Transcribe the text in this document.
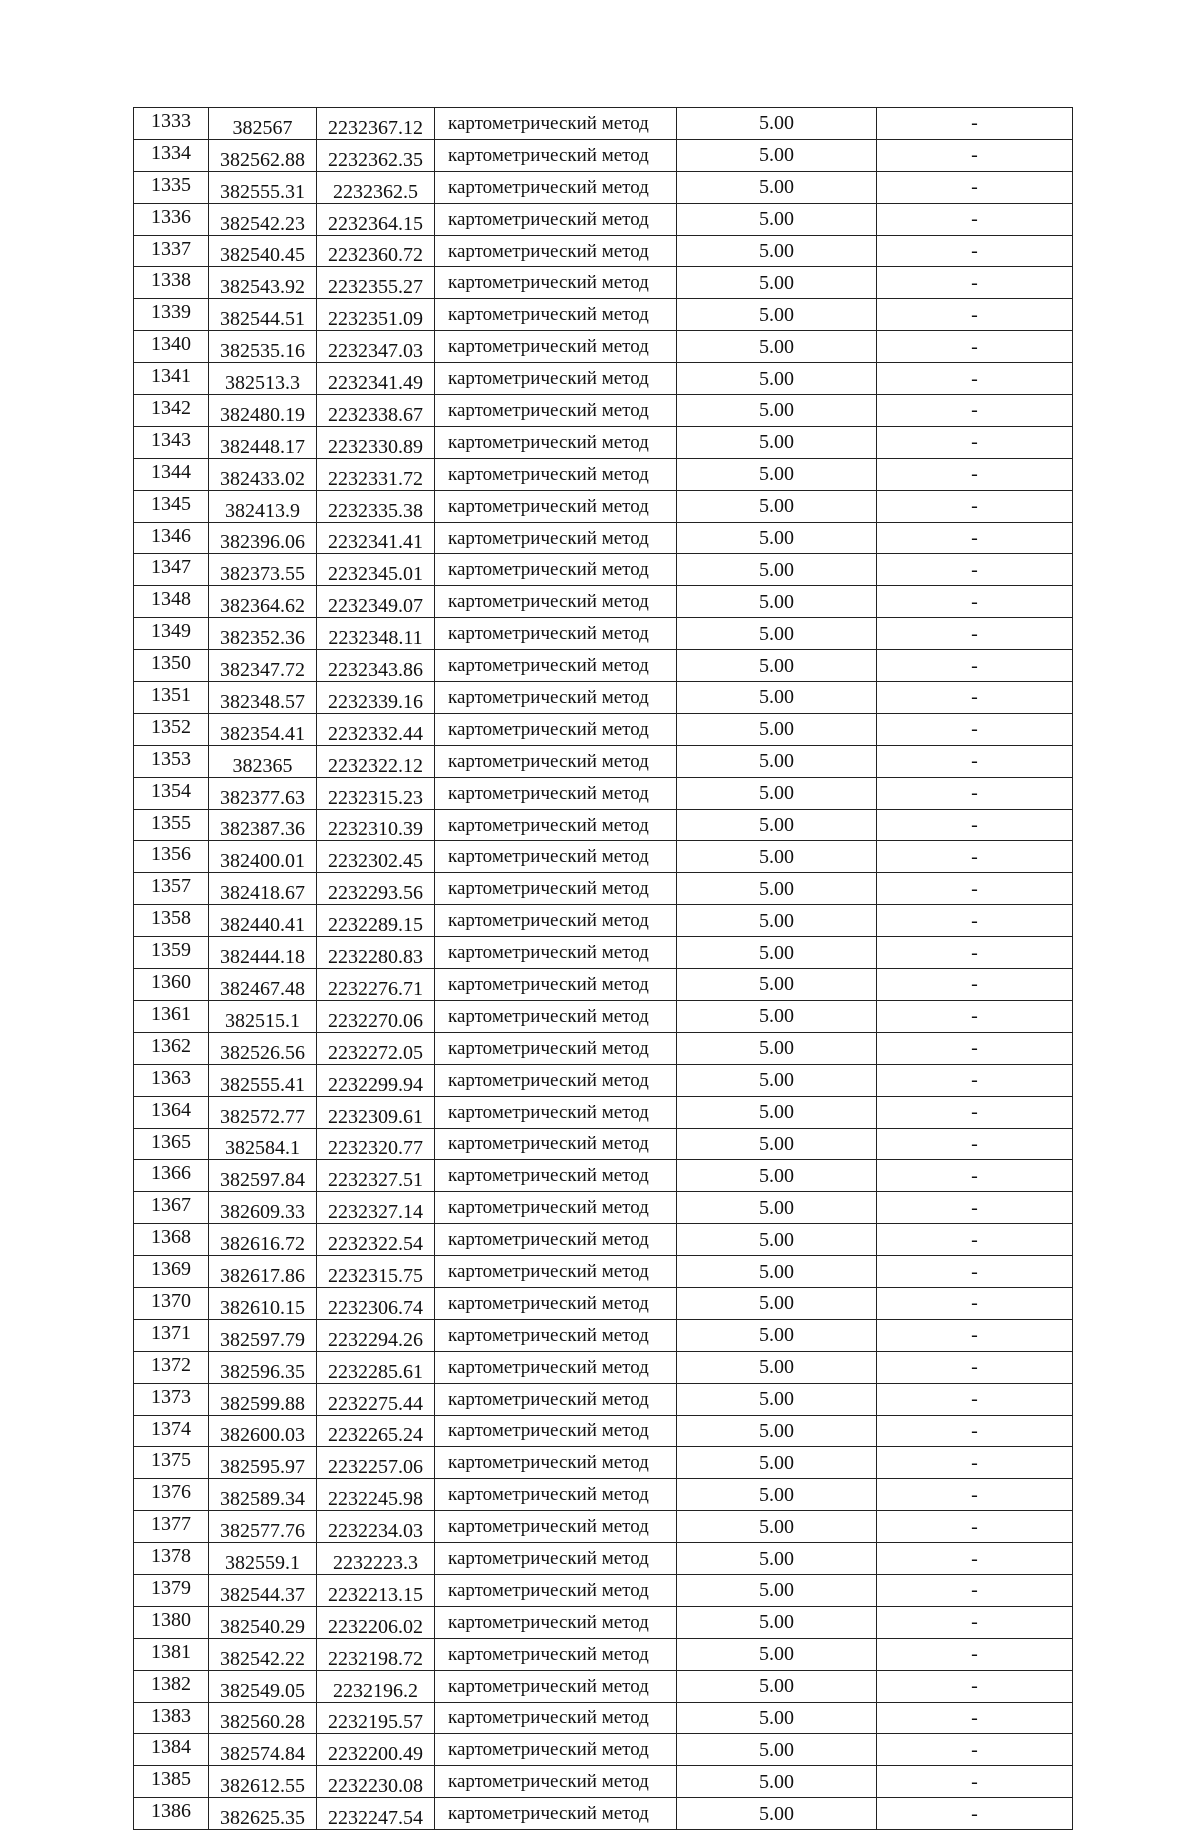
1333	382567	2232367.12	картометрический метод	5.00	-
1334	382562.88	2232362.35	картометрический метод	5.00	-
1335	382555.31	2232362.5	картометрический метод	5.00	-
1336	382542.23	2232364.15	картометрический метод	5.00	-
1337	382540.45	2232360.72	картометрический метод	5.00	-
1338	382543.92	2232355.27	картометрический метод	5.00	-
1339	382544.51	2232351.09	картометрический метод	5.00	-
1340	382535.16	2232347.03	картометрический метод	5.00	-
1341	382513.3	2232341.49	картометрический метод	5.00	-
1342	382480.19	2232338.67	картометрический метод	5.00	-
1343	382448.17	2232330.89	картометрический метод	5.00	-
1344	382433.02	2232331.72	картометрический метод	5.00	-
1345	382413.9	2232335.38	картометрический метод	5.00	-
1346	382396.06	2232341.41	картометрический метод	5.00	-
1347	382373.55	2232345.01	картометрический метод	5.00	-
1348	382364.62	2232349.07	картометрический метод	5.00	-
1349	382352.36	2232348.11	картометрический метод	5.00	-
1350	382347.72	2232343.86	картометрический метод	5.00	-
1351	382348.57	2232339.16	картометрический метод	5.00	-
1352	382354.41	2232332.44	картометрический метод	5.00	-
1353	382365	2232322.12	картометрический метод	5.00	-
1354	382377.63	2232315.23	картометрический метод	5.00	-
1355	382387.36	2232310.39	картометрический метод	5.00	-
1356	382400.01	2232302.45	картометрический метод	5.00	-
1357	382418.67	2232293.56	картометрический метод	5.00	-
1358	382440.41	2232289.15	картометрический метод	5.00	-
1359	382444.18	2232280.83	картометрический метод	5.00	-
1360	382467.48	2232276.71	картометрический метод	5.00	-
1361	382515.1	2232270.06	картометрический метод	5.00	-
1362	382526.56	2232272.05	картометрический метод	5.00	-
1363	382555.41	2232299.94	картометрический метод	5.00	-
1364	382572.77	2232309.61	картометрический метод	5.00	-
1365	382584.1	2232320.77	картометрический метод	5.00	-
1366	382597.84	2232327.51	картометрический метод	5.00	-
1367	382609.33	2232327.14	картометрический метод	5.00	-
1368	382616.72	2232322.54	картометрический метод	5.00	-
1369	382617.86	2232315.75	картометрический метод	5.00	-
1370	382610.15	2232306.74	картометрический метод	5.00	-
1371	382597.79	2232294.26	картометрический метод	5.00	-
1372	382596.35	2232285.61	картометрический метод	5.00	-
1373	382599.88	2232275.44	картометрический метод	5.00	-
1374	382600.03	2232265.24	картометрический метод	5.00	-
1375	382595.97	2232257.06	картометрический метод	5.00	-
1376	382589.34	2232245.98	картометрический метод	5.00	-
1377	382577.76	2232234.03	картометрический метод	5.00	-
1378	382559.1	2232223.3	картометрический метод	5.00	-
1379	382544.37	2232213.15	картометрический метод	5.00	-
1380	382540.29	2232206.02	картометрический метод	5.00	-
1381	382542.22	2232198.72	картометрический метод	5.00	-
1382	382549.05	2232196.2	картометрический метод	5.00	-
1383	382560.28	2232195.57	картометрический метод	5.00	-
1384	382574.84	2232200.49	картометрический метод	5.00	-
1385	382612.55	2232230.08	картометрический метод	5.00	-
1386	382625.35	2232247.54	картометрический метод	5.00	-
